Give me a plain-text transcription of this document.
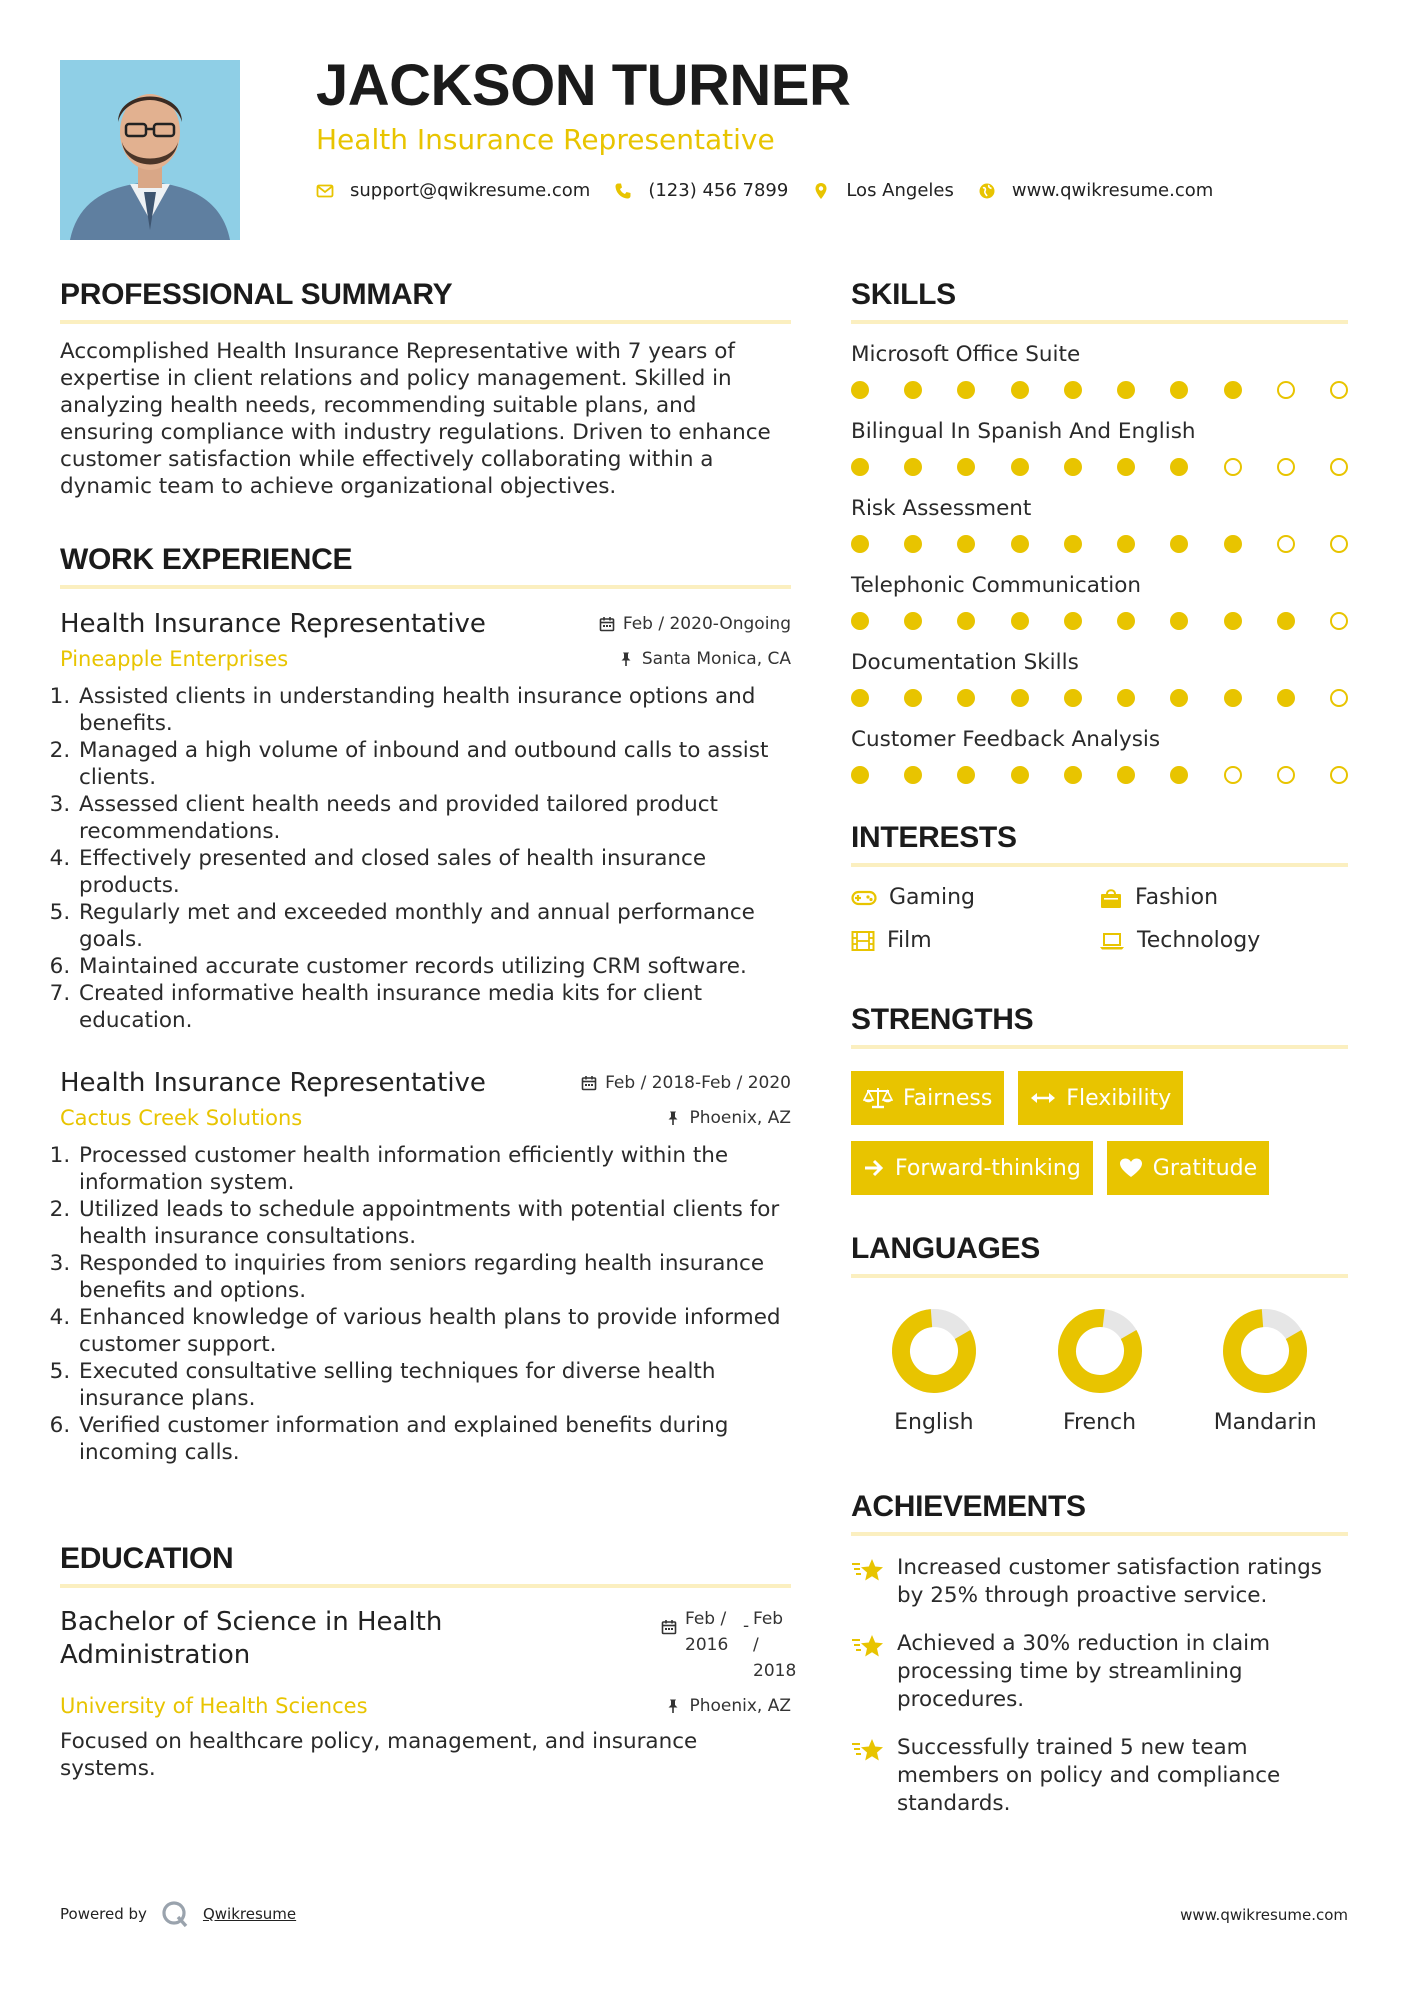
JACKSON TURNER
Health Insurance Representative
support@qwikresume.com	(123) 456 7899	Los Angeles	www.qwikresume.com
PROFESSIONAL SUMMARY
Accomplished Health Insurance Representative with 7 years of expertise in client relations and policy management. Skilled in analyzing health needs, recommending suitable plans, and ensuring compliance with industry regulations. Driven to enhance customer satisfaction while effectively collaborating within a dynamic team to achieve organizational objectives.
WORK EXPERIENCE
Health Insurance Representative	Feb / 2020-Ongoing
Pineapple Enterprises	Santa Monica, CA
1. Assisted clients in understanding health insurance options and benefits.
2. Managed a high volume of inbound and outbound calls to assist clients.
3. Assessed client health needs and provided tailored product recommendations.
4. Effectively presented and closed sales of health insurance products.
5. Regularly met and exceeded monthly and annual performance goals.
6. Maintained accurate customer records utilizing CRM software.
7. Created informative health insurance media kits for client education.
Health Insurance Representative	Feb / 2018-Feb / 2020
Cactus Creek Solutions	Phoenix, AZ
1. Processed customer health information efficiently within the information system.
2. Utilized leads to schedule appointments with potential clients for health insurance consultations.
3. Responded to inquiries from seniors regarding health insurance benefits and options.
4. Enhanced knowledge of various health plans to provide informed customer support.
5. Executed consultative selling techniques for diverse health insurance plans.
6. Verified customer information and explained benefits during incoming calls.
EDUCATION
Bachelor of Science in Health Administration
Feb /
2016
- Feb /
2018
University of Health Sciences	Phoenix, AZ
Focused on healthcare policy, management, and insurance systems.
SKILLS
Microsoft Office Suite
Bilingual In Spanish And English
Risk Assessment
Telephonic Communication
Documentation Skills
Customer Feedback Analysis
INTERESTS
Gaming	Fashion
Film	Technology
STRENGTHS
Fairness	Flexibility
Forward-thinking	Gratitude
LANGUAGES
English	French	Mandarin
ACHIEVEMENTS
Increased customer satisfaction ratings by 25% through proactive service.
Achieved a 30% reduction in claim processing time by streamlining procedures.
Successfully trained 5 new team members on policy and compliance standards.
Powered by	Qwikresume	www.qwikresume.com
